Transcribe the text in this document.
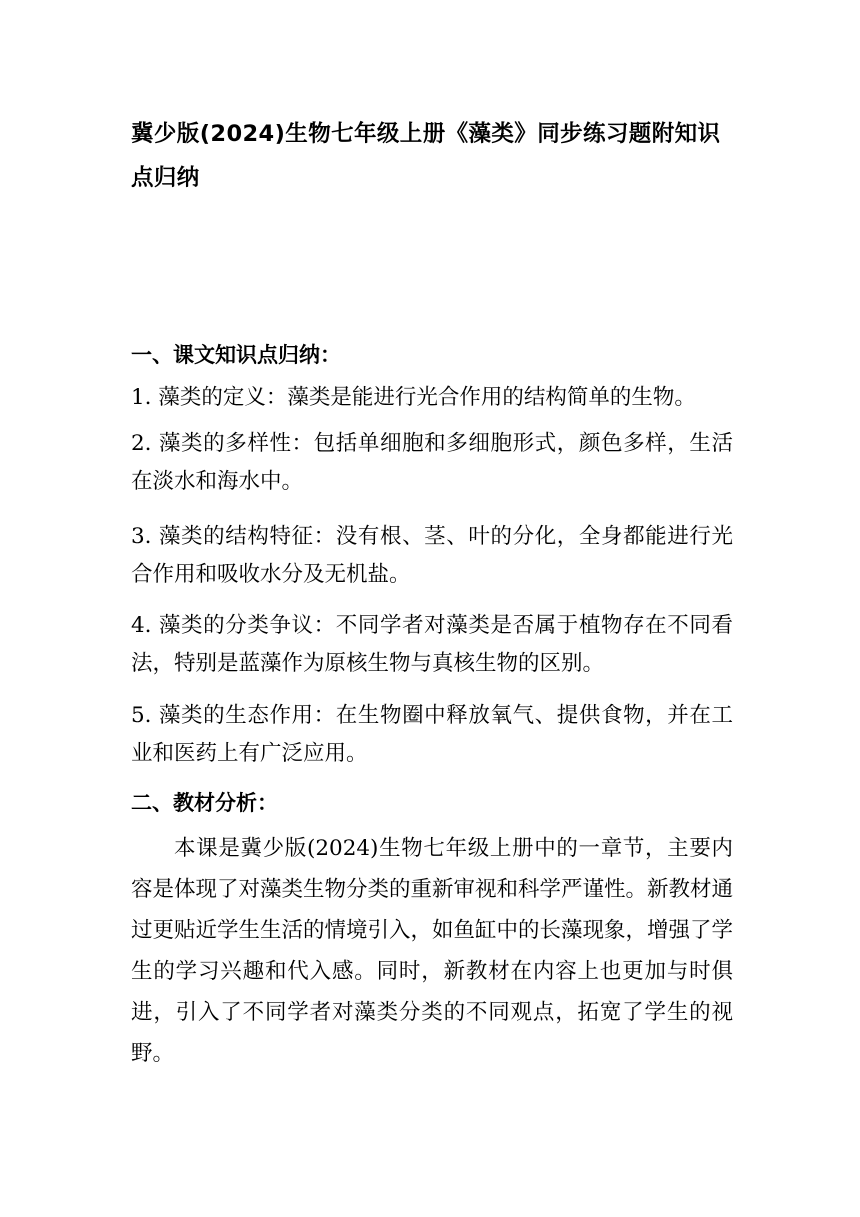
冀少版(2024)生物七年级上册《藻类》同步练习题附知识点归纳
一、课文知识点归纳：

1. 藻类的定义：藻类是能进行光合作用的结构简单的生物。

2. 藻类的多样性：包括单细胞和多细胞形式，颜色多样，生活在淡水和海水中。

3. 藻类的结构特征：没有根、茎、叶的分化，全身都能进行光合作用和吸收水分及无机盐。

4. 藻类的分类争议：不同学者对藻类是否属于植物存在不同看法，特别是蓝藻作为原核生物与真核生物的区别。

5. 藻类的生态作用：在生物圈中释放氧气、提供食物，并在工业和医药上有广泛应用。

二、教材分析：

本课是冀少版(2024)生物七年级上册中的一章节，主要内容是体现了对藻类生物分类的重新审视和科学严谨性。新教材通过更贴近学生生活的情境引入，如鱼缸中的长藻现象，增强了学生的学习兴趣和代入感。同时，新教材在内容上也更加与时俱进，引入了不同学者对藻类分类的不同观点，拓宽了学生的视野。
